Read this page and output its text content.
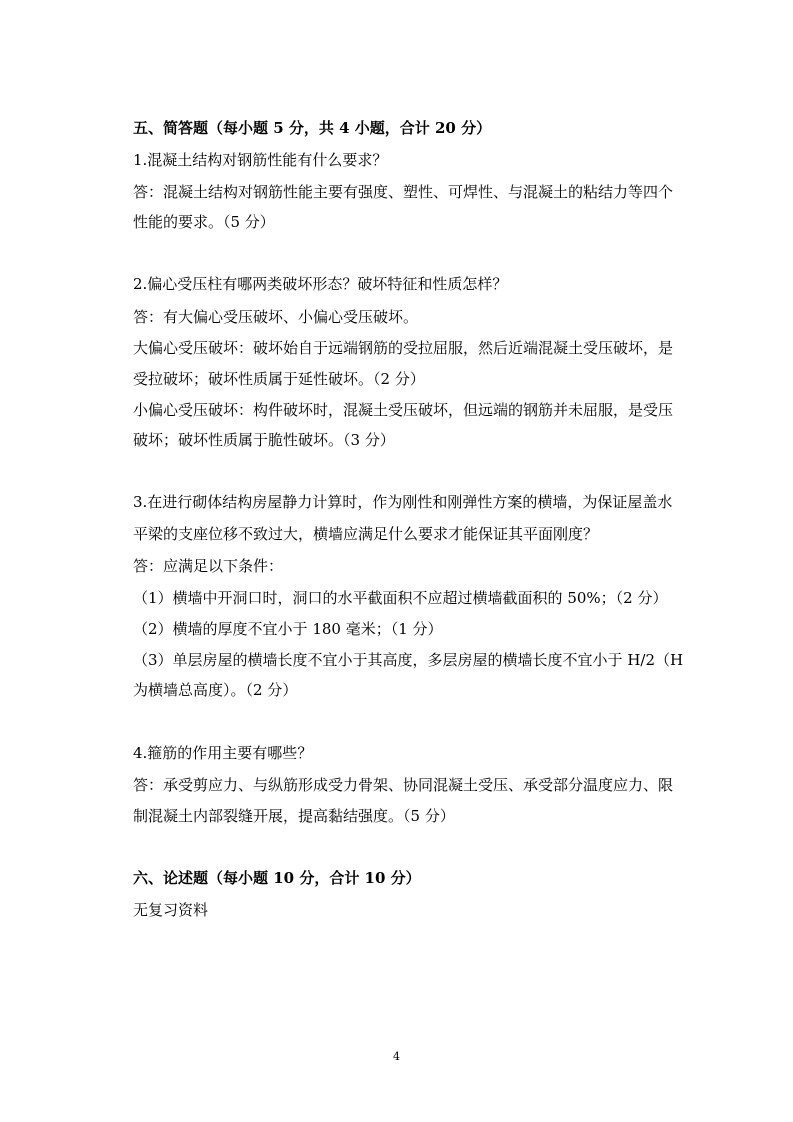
五、简答题（每小题 5 分，共 4 小题，合计 20 分）
1.混凝土结构对钢筋性能有什么要求？
答：混凝土结构对钢筋性能主要有强度、塑性、可焊性、与混凝土的粘结力等四个
性能的要求。（5 分）
2.偏心受压柱有哪两类破坏形态？破坏特征和性质怎样？
答：有大偏心受压破坏、小偏心受压破坏。
大偏心受压破坏：破坏始自于远端钢筋的受拉屈服，然后近端混凝土受压破坏，是
受拉破坏；破坏性质属于延性破坏。（2 分）
小偏心受压破坏：构件破坏时，混凝土受压破坏，但远端的钢筋并未屈服，是受压
破坏；破坏性质属于脆性破坏。（3 分）
3.在进行砌体结构房屋静力计算时，作为刚性和刚弹性方案的横墙，为保证屋盖水
平梁的支座位移不致过大，横墙应满足什么要求才能保证其平面刚度？
答：应满足以下条件：
（1）横墙中开洞口时，洞口的水平截面积不应超过横墙截面积的 50%；（2 分）
（2）横墙的厚度不宜小于 180 毫米；（1 分）
（3）单层房屋的横墙长度不宜小于其高度，多层房屋的横墙长度不宜小于 H/2（H
为横墙总高度）。（2 分）
4.箍筋的作用主要有哪些？
答：承受剪应力、与纵筋形成受力骨架、协同混凝土受压、承受部分温度应力、限
制混凝土内部裂缝开展，提高黏结强度。（5 分）
六、论述题（每小题 10 分，合计 10 分）
无复习资料
4
